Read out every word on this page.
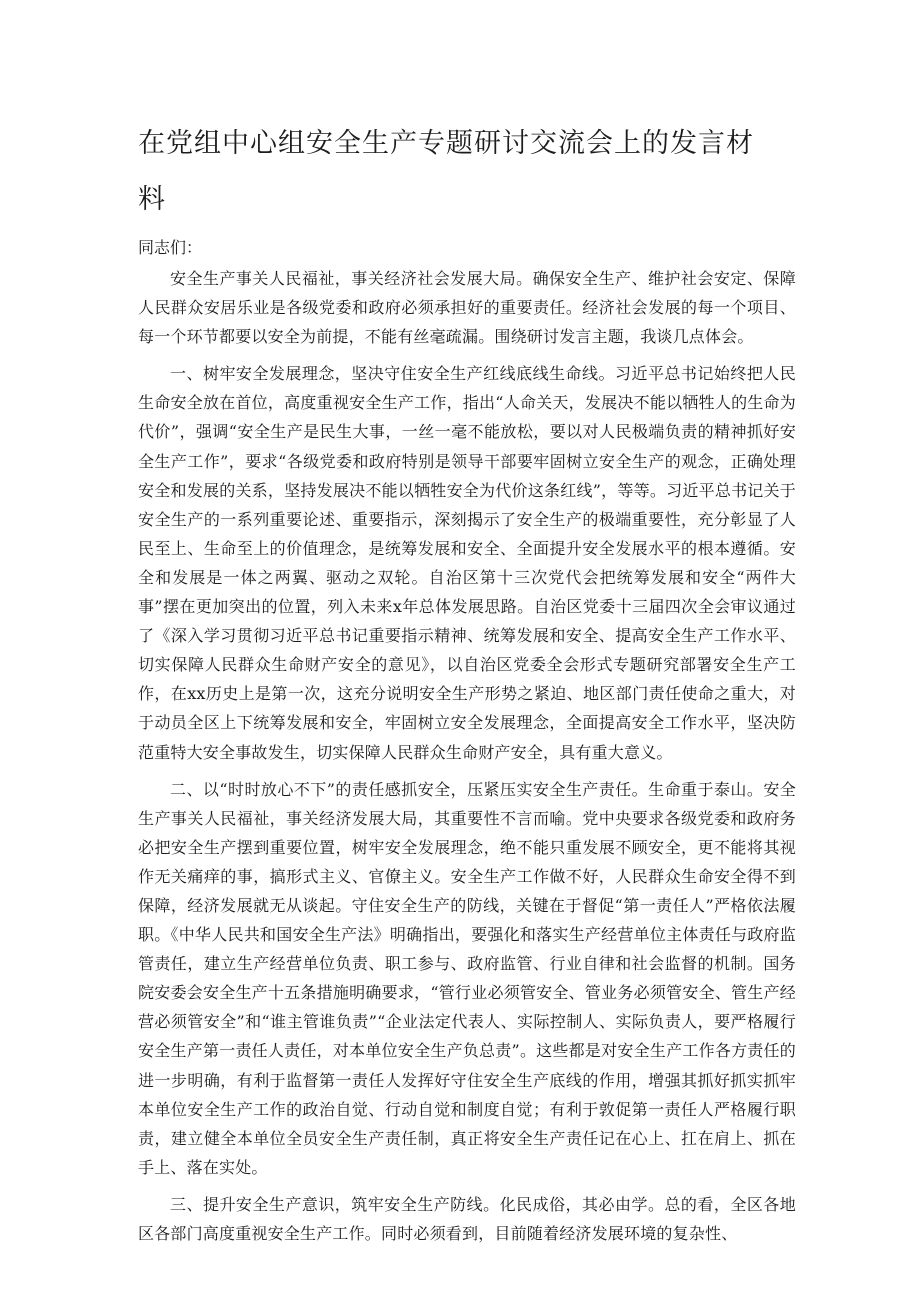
在党组中心组安全生产专题研讨交流会上的发言材料

同志们：

安全生产事关人民福祉，事关经济社会发展大局。确保安全生产、维护社会安定、保障人民群众安居乐业是各级党委和政府必须承担好的重要责任。经济社会发展的每一个项目、每一个环节都要以安全为前提，不能有丝毫疏漏。围绕研讨发言主题，我谈几点体会。

一、树牢安全发展理念，坚决守住安全生产红线底线生命线。习近平总书记始终把人民生命安全放在首位，高度重视安全生产工作，指出“人命关天，发展决不能以牺牲人的生命为代价”，强调“安全生产是民生大事，一丝一毫不能放松，要以对人民极端负责的精神抓好安全生产工作”，要求“各级党委和政府特别是领导干部要牢固树立安全生产的观念，正确处理安全和发展的关系，坚持发展决不能以牺牲安全为代价这条红线”，等等。习近平总书记关于安全生产的一系列重要论述、重要指示，深刻揭示了安全生产的极端重要性，充分彰显了人民至上、生命至上的价值理念，是统筹发展和安全、全面提升安全发展水平的根本遵循。安全和发展是一体之两翼、驱动之双轮。自治区第十三次党代会把统筹发展和安全“两件大事”摆在更加突出的位置，列入未来x年总体发展思路。自治区党委十三届四次全会审议通过了《深入学习贯彻习近平总书记重要指示精神、统筹发展和安全、提高安全生产工作水平、切实保障人民群众生命财产安全的意见》，以自治区党委全会形式专题研究部署安全生产工作，在xx历史上是第一次，这充分说明安全生产形势之紧迫、地区部门责任使命之重大，对于动员全区上下统筹发展和安全，牢固树立安全发展理念，全面提高安全工作水平，坚决防范重特大安全事故发生，切实保障人民群众生命财产安全，具有重大意义。

二、以“时时放心不下”的责任感抓安全，压紧压实安全生产责任。生命重于泰山。安全生产事关人民福祉，事关经济发展大局，其重要性不言而喻。党中央要求各级党委和政府务必把安全生产摆到重要位置，树牢安全发展理念，绝不能只重发展不顾安全，更不能将其视作无关痛痒的事，搞形式主义、官僚主义。安全生产工作做不好，人民群众生命安全得不到保障，经济发展就无从谈起。守住安全生产的防线，关键在于督促“第一责任人”严格依法履职。《中华人民共和国安全生产法》明确指出，要强化和落实生产经营单位主体责任与政府监管责任，建立生产经营单位负责、职工参与、政府监管、行业自律和社会监督的机制。国务院安委会安全生产十五条措施明确要求，“管行业必须管安全、管业务必须管安全、管生产经营必须管安全”和“谁主管谁负责”“企业法定代表人、实际控制人、实际负责人，要严格履行安全生产第一责任人责任，对本单位安全生产负总责”。这些都是对安全生产工作各方责任的进一步明确，有利于监督第一责任人发挥好守住安全生产底线的作用，增强其抓好抓实抓牢本单位安全生产工作的政治自觉、行动自觉和制度自觉；有利于敦促第一责任人严格履行职责，建立健全本单位全员安全生产责任制，真正将安全生产责任记在心上、扛在肩上、抓在手上、落在实处。

三、提升安全生产意识，筑牢安全生产防线。化民成俗，其必由学。总的看，全区各地区各部门高度重视安全生产工作。同时必须看到，目前随着经济发展环境的复杂性、
